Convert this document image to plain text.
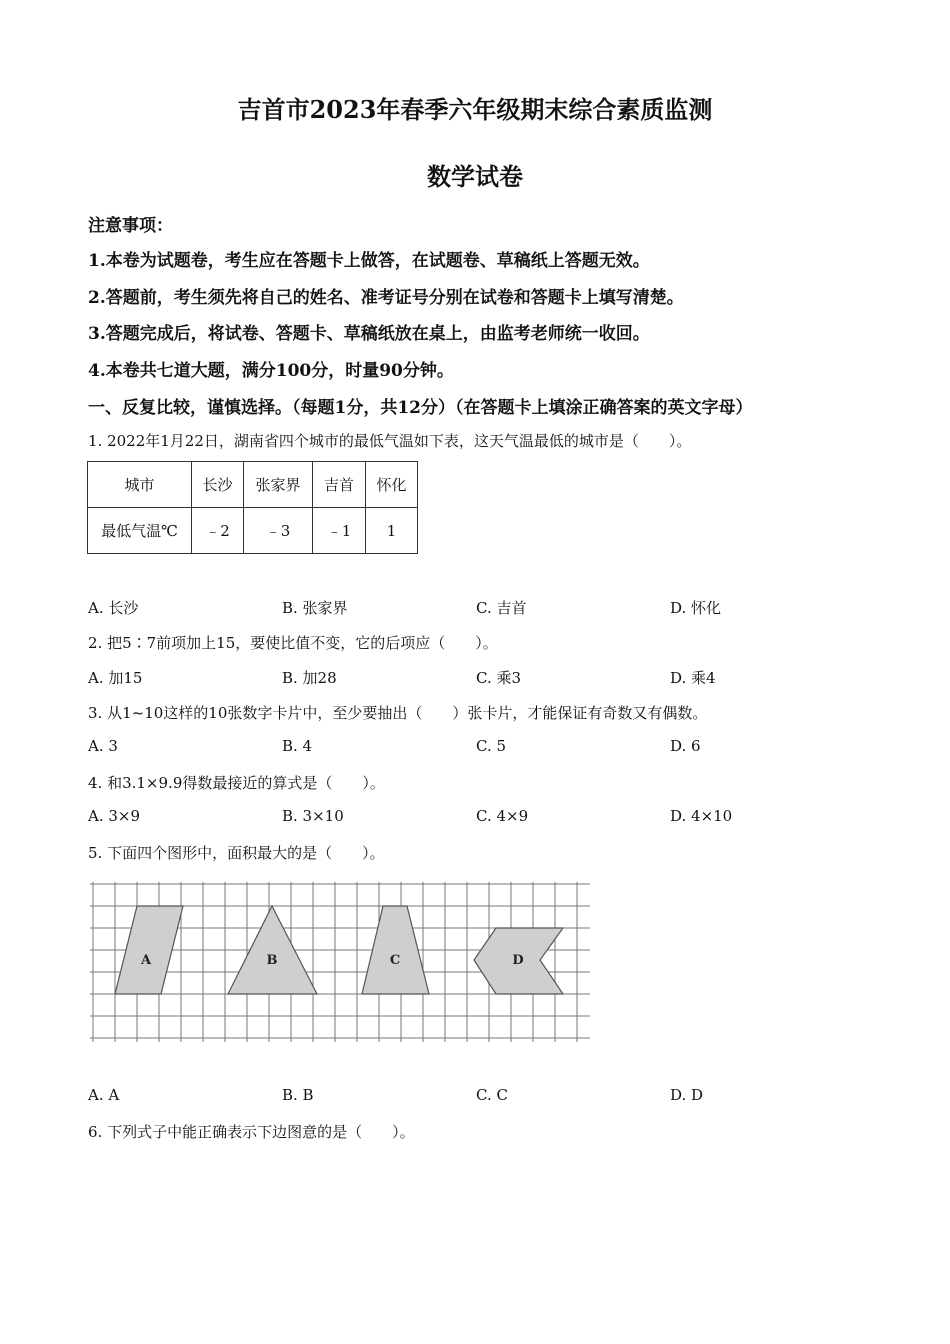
吉首市2023年春季六年级期末综合素质监测
数学试卷
注意事项：
1.本卷为试题卷，考生应在答题卡上做答，在试题卷、草稿纸上答题无效。
2.答题前，考生须先将自己的姓名、准考证号分别在试卷和答题卡上填写清楚。
3.答题完成后，将试卷、答题卡、草稿纸放在桌上，由监考老师统一收回。
4.本卷共七道大题，满分100分，时量90分钟。
一、反复比较，谨慎选择。（每题1分，共12分）（在答题卡上填涂正确答案的英文字母）
1. 2022年1月22日，湖南省四个城市的最低气温如下表，这天气温最低的城市是（　　）。
城市	长沙	张家界	吉首	怀化
最低气温℃	﹣2	﹣3	﹣1	1
A. 长沙	B. 张家界	C. 吉首	D. 怀化
2. 把5∶7前项加上15，要使比值不变，它的后项应（　　）。
A. 加15	B. 加28	C. 乘3	D. 乘4
3. 从1~10这样的10张数字卡片中，至少要抽出（　　）张卡片，才能保证有奇数又有偶数。
A. 3	B. 4	C. 5	D. 6
4. 和3.1×9.9得数最接近的算式是（　　）。
A. 3×9	B. 3×10	C. 4×9	D. 4×10
5. 下面四个图形中，面积最大的是（　　）。
A	B	C	D
A. A	B. B	C. C	D. D
6. 下列式子中能正确表示下边图意的是（　　）。
